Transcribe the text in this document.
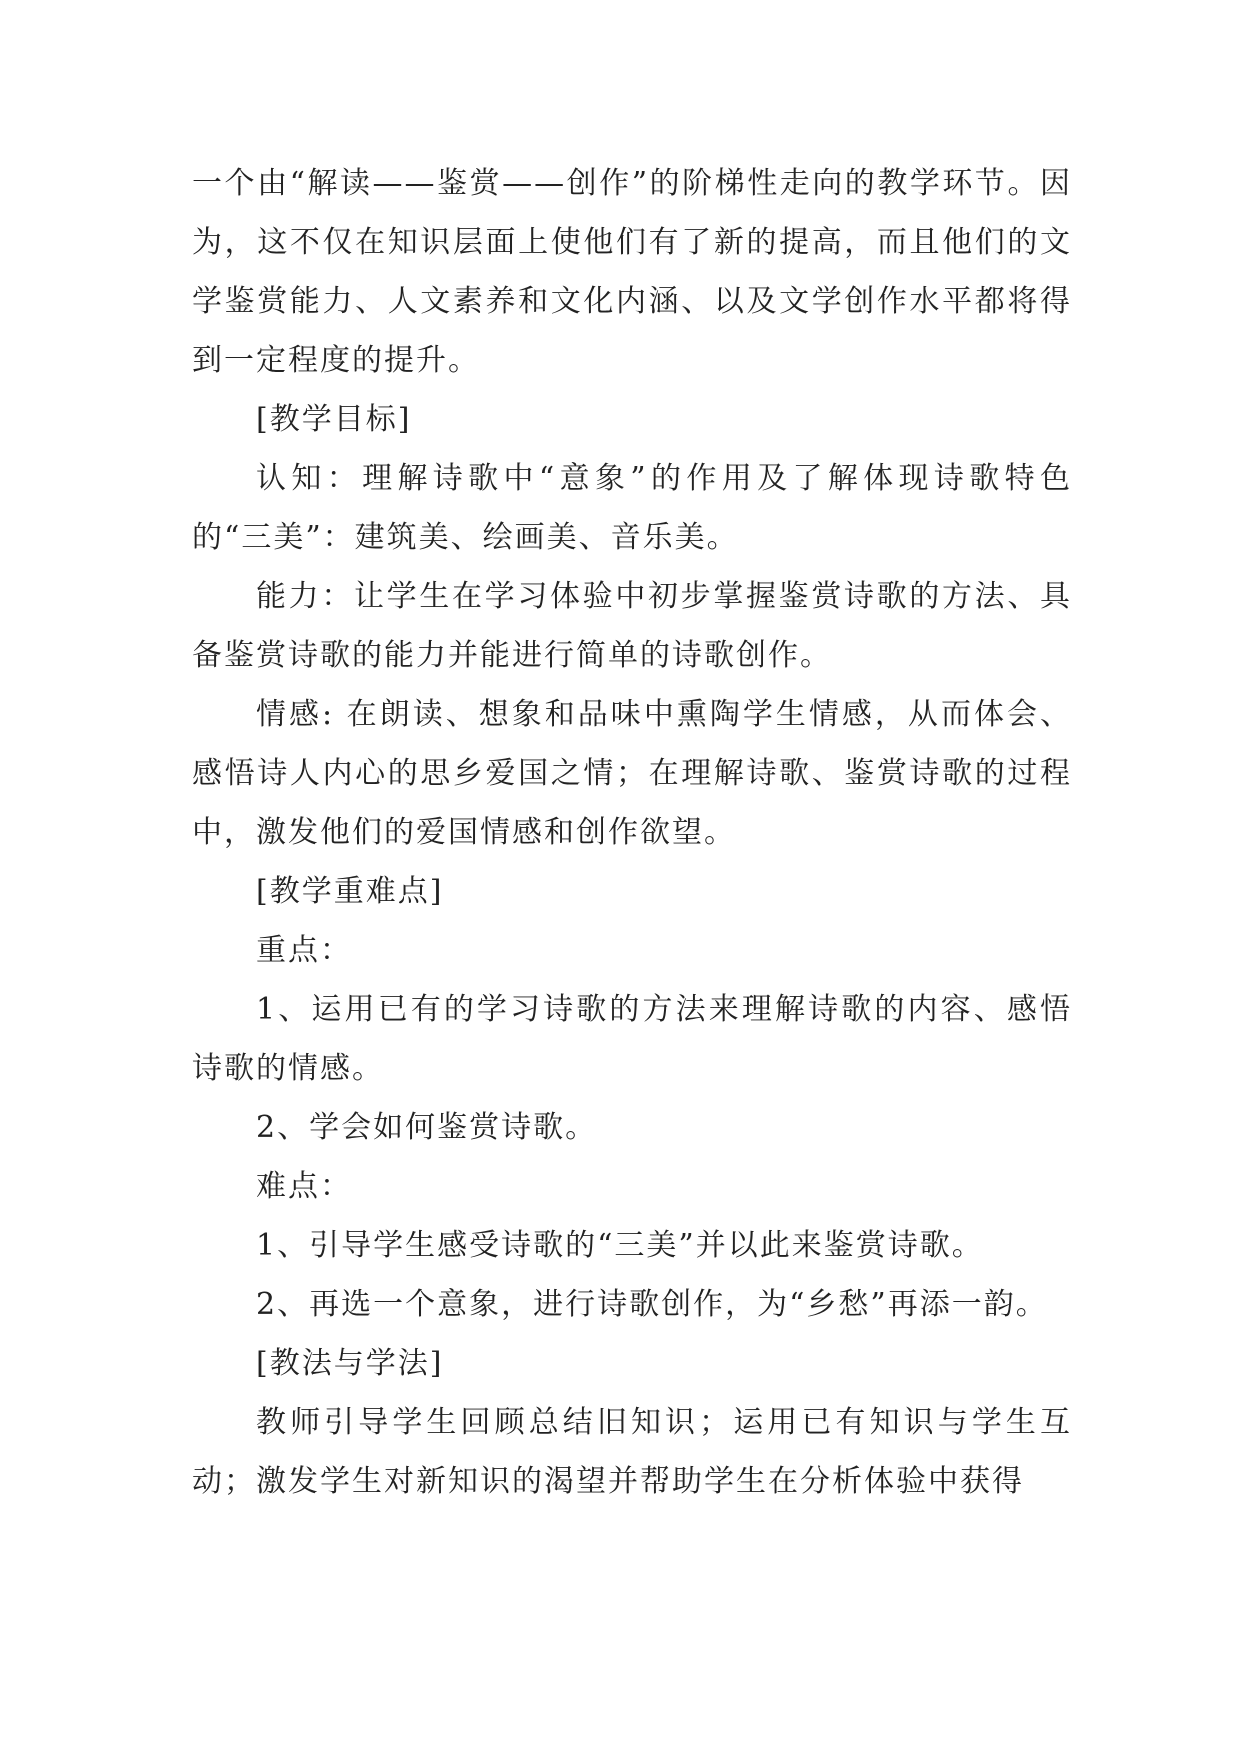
一个由“解读——鉴赏——创作”的阶梯性走向的教学环节。因为，这不仅在知识层面上使他们有了新的提高，而且他们的文学鉴赏能力、人文素养和文化内涵、以及文学创作水平都将得到一定程度的提升。

[教学目标]

认知：理解诗歌中“意象”的作用及了解体现诗歌特色的“三美”：建筑美、绘画美、音乐美。

能力：让学生在学习体验中初步掌握鉴赏诗歌的方法、具备鉴赏诗歌的能力并能进行简单的诗歌创作。

情感: 在朗读、想象和品味中熏陶学生情感，从而体会、感悟诗人内心的思乡爱国之情；在理解诗歌、鉴赏诗歌的过程中，激发他们的爱国情感和创作欲望。

[教学重难点]

重点：

1、运用已有的学习诗歌的方法来理解诗歌的内容、感悟诗歌的情感。

2、学会如何鉴赏诗歌。

难点：

1、引导学生感受诗歌的“三美”并以此来鉴赏诗歌。

2、再选一个意象，进行诗歌创作，为“乡愁”再添一韵。

[教法与学法]

教师引导学生回顾总结旧知识；运用已有知识与学生互动；激发学生对新知识的渴望并帮助学生在分析体验中获得
